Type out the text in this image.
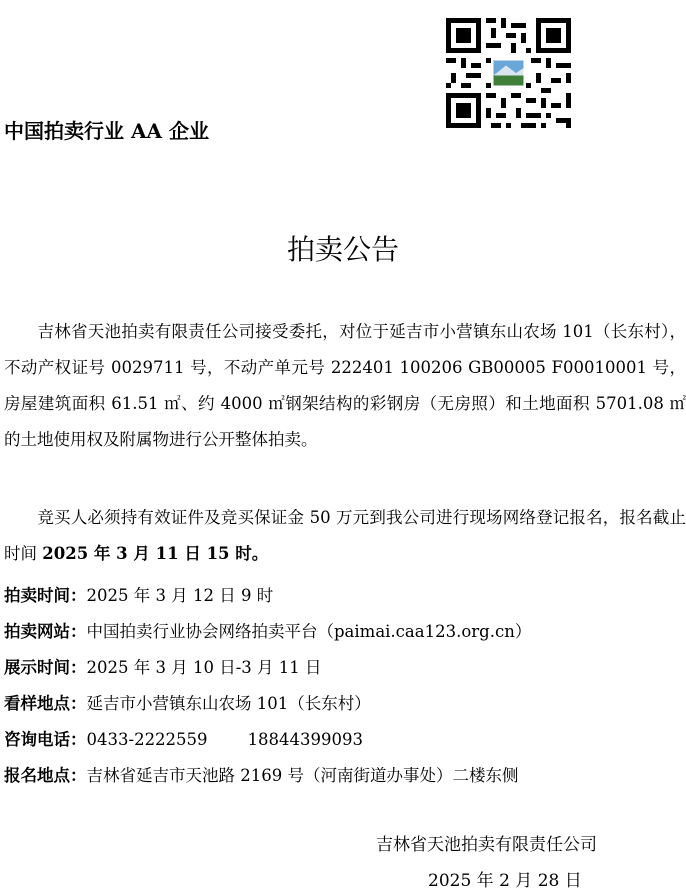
中国拍卖行业 AA 企业
拍卖公告

　　吉林省天池拍卖有限责任公司接受委托，对位于延吉市小营镇东山农场 101（长东村），不动产权证号 0029711 号，不动产单元号 222401 100206 GB00005 F00010001 号，房屋建筑面积 61.51 ㎡、约 4000 ㎡钢架结构的彩钢房（无房照）和土地面积 5701.08 ㎡的土地使用权及附属物进行公开整体拍卖。

　　竞买人必须持有效证件及竞买保证金 50 万元到我公司进行现场网络登记报名，报名截止时间 2025 年 3 月 11 日 15 时。

拍卖时间：2025 年 3 月 12 日 9 时
拍卖网站：中国拍卖行业协会网络拍卖平台（paimai.caa123.org.cn）
展示时间：2025 年 3 月 10 日-3 月 11 日
看样地点：延吉市小营镇东山农场 101（长东村）
咨询电话：0433-2222559 18844399093
报名地点：吉林省延吉市天池路 2169 号（河南街道办事处）二楼东侧
吉林省天池拍卖有限责任公司
2025 年 2 月 28 日
